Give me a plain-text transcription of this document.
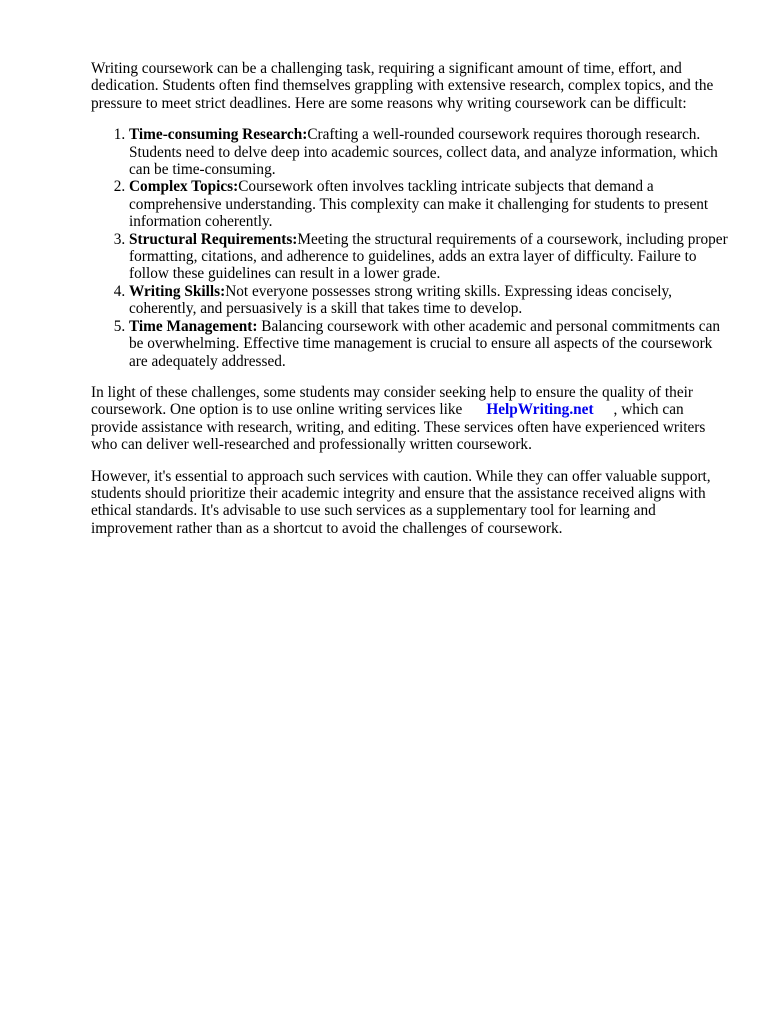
Writing coursework can be a challenging task, requiring a significant amount of time, effort, and dedication. Students often find themselves grappling with extensive research, complex topics, and the pressure to meet strict deadlines. Here are some reasons why writing coursework can be difficult:

1. Time-consuming Research:Crafting a well-rounded coursework requires thorough research. Students need to delve deep into academic sources, collect data, and analyze information, which can be time-consuming.
2. Complex Topics:Coursework often involves tackling intricate subjects that demand a comprehensive understanding. This complexity can make it challenging for students to present information coherently.
3. Structural Requirements:Meeting the structural requirements of a coursework, including proper formatting, citations, and adherence to guidelines, adds an extra layer of difficulty. Failure to follow these guidelines can result in a lower grade.
4. Writing Skills:Not everyone possesses strong writing skills. Expressing ideas concisely, coherently, and persuasively is a skill that takes time to develop.
5. Time Management: Balancing coursework with other academic and personal commitments can be overwhelming. Effective time management is crucial to ensure all aspects of the coursework are adequately addressed.

In light of these challenges, some students may consider seeking help to ensure the quality of their coursework. One option is to use online writing services like HelpWriting.net , which can provide assistance with research, writing, and editing. These services often have experienced writers who can deliver well-researched and professionally written coursework.

However, it's essential to approach such services with caution. While they can offer valuable support, students should prioritize their academic integrity and ensure that the assistance received aligns with ethical standards. It's advisable to use such services as a supplementary tool for learning and improvement rather than as a shortcut to avoid the challenges of coursework.
